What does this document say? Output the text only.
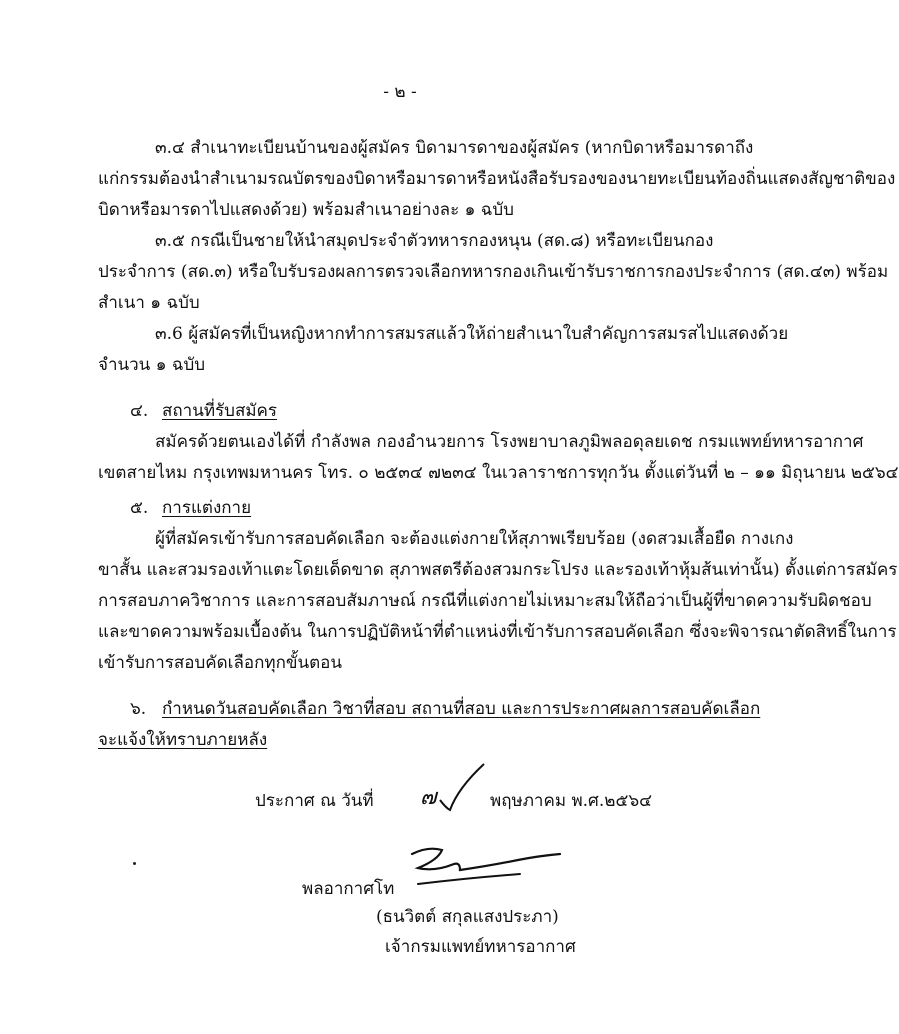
- ๒ -
๓.๔ สำเนาทะเบียนบ้านของผู้สมัคร บิดามารดาของผู้สมัคร (หากบิดาหรือมารดาถึง
แก่กรรมต้องนำสำเนามรณบัตรของบิดาหรือมารดาหรือหนังสือรับรองของนายทะเบียนท้องถิ่นแสดงสัญชาติของ
บิดาหรือมารดาไปแสดงด้วย) พร้อมสำเนาอย่างละ ๑ ฉบับ
๓.๕ กรณีเป็นชายให้นำสมุดประจำตัวทหารกองหนุน (สด.๘) หรือทะเบียนกอง
ประจำการ (สด.๓) หรือใบรับรองผลการตรวจเลือกทหารกองเกินเข้ารับราชการกองประจำการ (สด.๔๓) พร้อม
สำเนา ๑ ฉบับ
๓.6 ผู้สมัครที่เป็นหญิงหากทำการสมรสแล้วให้ถ่ายสำเนาใบสำคัญการสมรสไปแสดงด้วย
จำนวน ๑ ฉบับ
๔. สถานที่รับสมัคร
สมัครด้วยตนเองได้ที่ กำลังพล กองอำนวยการ โรงพยาบาลภูมิพลอดุลยเดช กรมแพทย์ทหารอากาศ
เขตสายไหม กรุงเทพมหานคร โทร. ๐ ๒๕๓๔ ๗๒๓๔ ในเวลาราชการทุกวัน ตั้งแต่วันที่ ๒ – ๑๑ มิถุนายน ๒๕๖๔
๕. การแต่งกาย
ผู้ที่สมัครเข้ารับการสอบคัดเลือก จะต้องแต่งกายให้สุภาพเรียบร้อย (งดสวมเสื้อยืด กางเกง
ขาสั้น และสวมรองเท้าแตะโดยเด็ดขาด สุภาพสตรีต้องสวมกระโปรง และรองเท้าหุ้มส้นเท่านั้น) ตั้งแต่การสมัคร
การสอบภาควิชาการ และการสอบสัมภาษณ์ กรณีที่แต่งกายไม่เหมาะสมให้ถือว่าเป็นผู้ที่ขาดความรับผิดชอบ
และขาดความพร้อมเบื้องต้น ในการปฏิบัติหน้าที่ตำแหน่งที่เข้ารับการสอบคัดเลือก ซึ่งจะพิจารณาตัดสิทธิ์ในการ
เข้ารับการสอบคัดเลือกทุกขั้นตอน
๖. กำหนดวันสอบคัดเลือก วิชาที่สอบ สถานที่สอบ และการประกาศผลการสอบคัดเลือก
จะแจ้งให้ทราบภายหลัง
ประกาศ ณ วันที่ ๗	พฤษภาคม พ.ศ.๒๕๖๔
พลอากาศโท
(ธนวิตต์ สกุลแสงประภา)
เจ้ากรมแพทย์ทหารอากาศ
